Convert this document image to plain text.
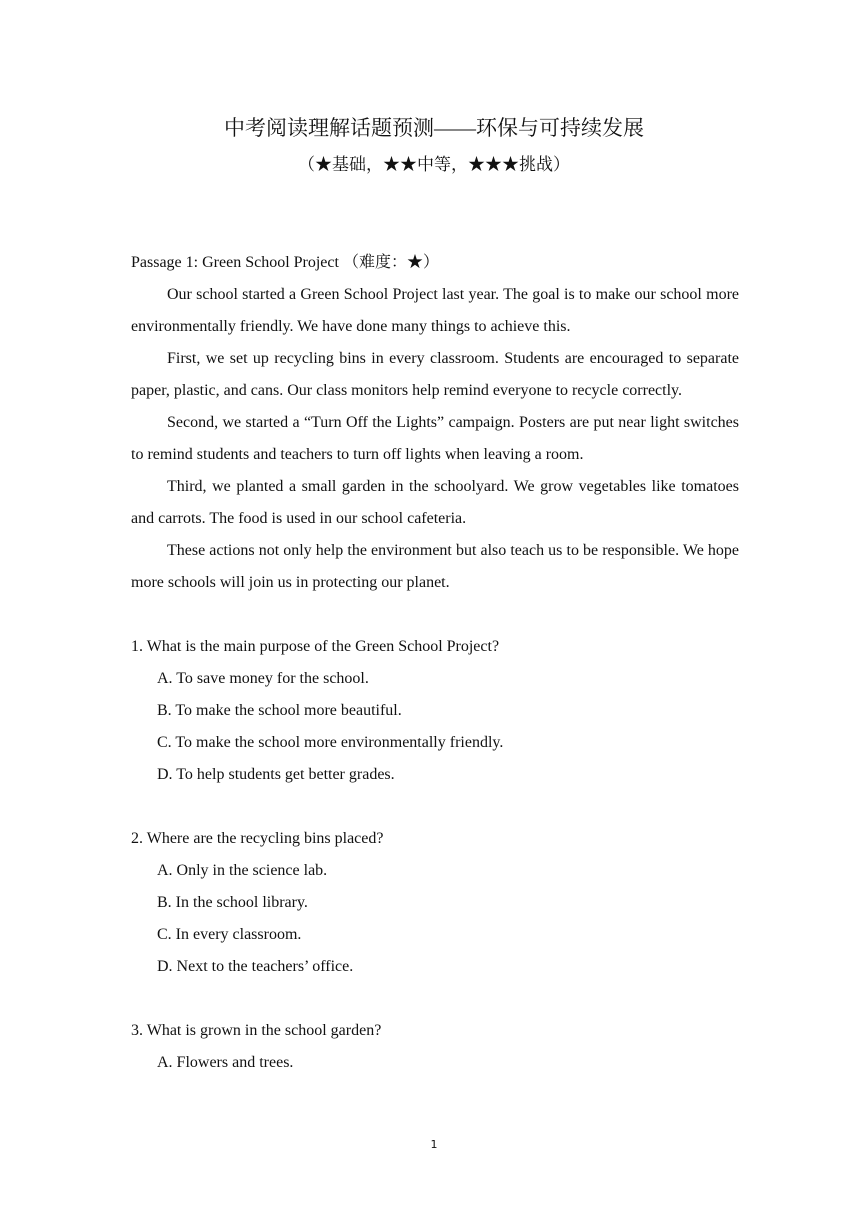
中考阅读理解话题预测——环保与可持续发展
（★基础，★★中等，★★★挑战）
Passage 1: Green School Project （难度：★）

Our school started a Green School Project last year. The goal is to make our school more environmentally friendly. We have done many things to achieve this.

First, we set up recycling bins in every classroom. Students are encouraged to separate paper, plastic, and cans. Our class monitors help remind everyone to recycle correctly.

Second, we started a “Turn Off the Lights” campaign. Posters are put near light switches to remind students and teachers to turn off lights when leaving a room.

Third, we planted a small garden in the schoolyard. We grow vegetables like tomatoes and carrots. The food is used in our school cafeteria.

These actions not only help the environment but also teach us to be responsible. We hope more schools will join us in protecting our planet.

1. What is the main purpose of the Green School Project?
A. To save money for the school.
B. To make the school more beautiful.
C. To make the school more environmentally friendly.
D. To help students get better grades.
2. Where are the recycling bins placed?
A. Only in the science lab.
B. In the school library.
C. In every classroom.
D. Next to the teachers’ office.
3. What is grown in the school garden?
A. Flowers and trees.
1
